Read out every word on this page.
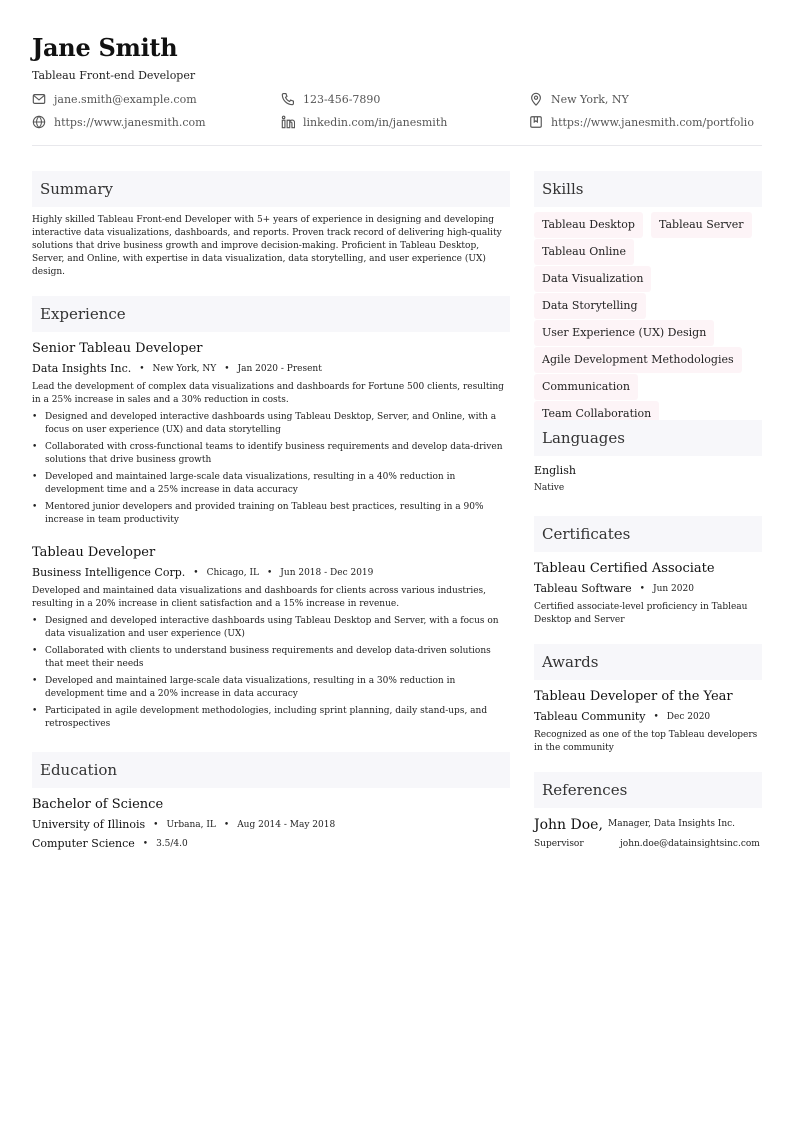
Jane Smith
Tableau Front-end Developer
jane.smith@example.com	123-456-7890	New York, NY
https://www.janesmith.com	linkedin.com/in/janesmith	https://www.janesmith.com/portfolio
Summary
Highly skilled Tableau Front-end Developer with 5+ years of experience in designing and developing interactive data visualizations, dashboards, and reports. Proven track record of delivering high-quality solutions that drive business growth and improve decision-making. Proficient in Tableau Desktop, Server, and Online, with expertise in data visualization, data storytelling, and user experience (UX) design.
Experience
Senior Tableau Developer
Data Insights Inc. • New York, NY • Jan 2020 - Present
Lead the development of complex data visualizations and dashboards for Fortune 500 clients, resulting in a 25% increase in sales and a 30% reduction in costs.
• Designed and developed interactive dashboards using Tableau Desktop, Server, and Online, with a focus on user experience (UX) and data storytelling
• Collaborated with cross-functional teams to identify business requirements and develop data-driven solutions that drive business growth
• Developed and maintained large-scale data visualizations, resulting in a 40% reduction in development time and a 25% increase in data accuracy
• Mentored junior developers and provided training on Tableau best practices, resulting in a 90% increase in team productivity
Tableau Developer
Business Intelligence Corp. • Chicago, IL • Jun 2018 - Dec 2019
Developed and maintained data visualizations and dashboards for clients across various industries, resulting in a 20% increase in client satisfaction and a 15% increase in revenue.
• Designed and developed interactive dashboards using Tableau Desktop and Server, with a focus on data visualization and user experience (UX)
• Collaborated with clients to understand business requirements and develop data-driven solutions that meet their needs
• Developed and maintained large-scale data visualizations, resulting in a 30% reduction in development time and a 20% increase in data accuracy
• Participated in agile development methodologies, including sprint planning, daily stand-ups, and retrospectives
Education
Bachelor of Science
University of Illinois • Urbana, IL • Aug 2014 - May 2018
Computer Science • 3.5/4.0
Skills
Tableau Desktop	Tableau Server
Tableau Online
Data Visualization
Data Storytelling
User Experience (UX) Design
Agile Development Methodologies
Communication
Team Collaboration
Languages
English
Native
Certificates
Tableau Certified Associate
Tableau Software • Jun 2020
Certified associate-level proficiency in Tableau Desktop and Server
Awards
Tableau Developer of the Year
Tableau Community • Dec 2020
Recognized as one of the top Tableau developers in the community
References
John Doe, Manager, Data Insights Inc.
Supervisor	john.doe@datainsightsinc.com
